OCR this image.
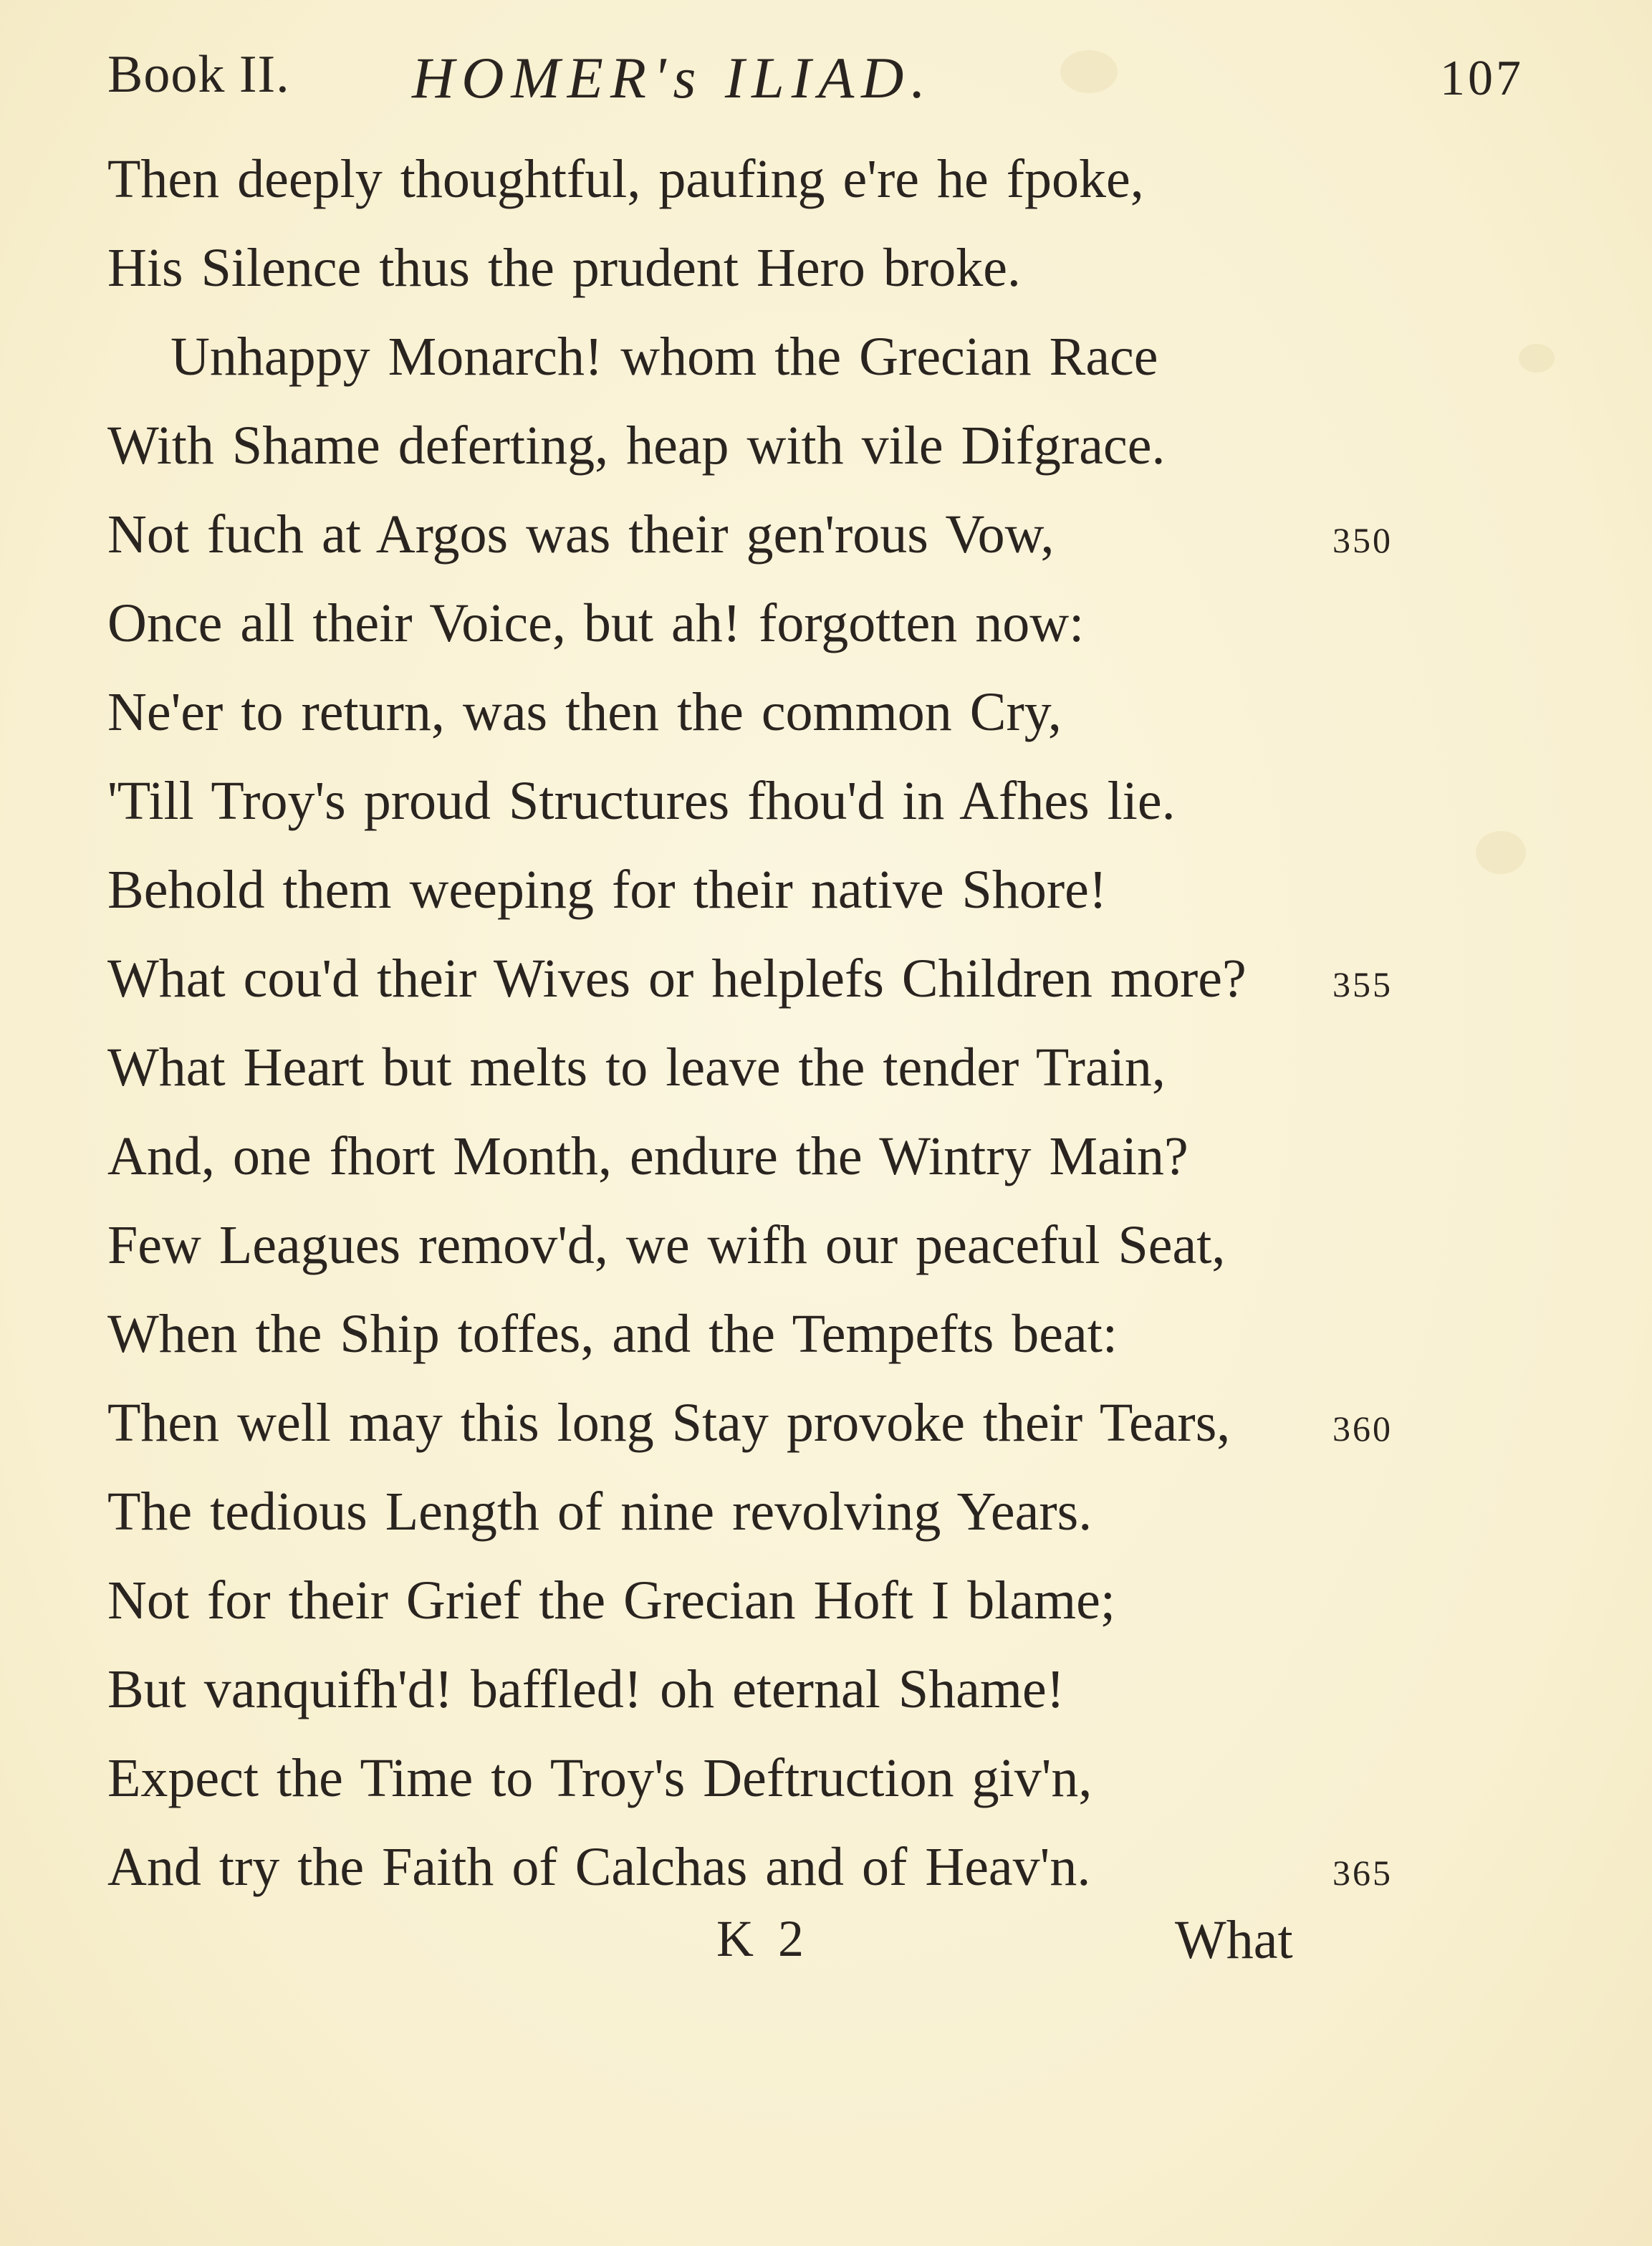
Book II. HOMER's ILIAD.	107
Then deeply thoughtful, paufing e're he fpoke,
His Silence thus the prudent Hero broke.
Unhappy Monarch! whom the Grecian Race
With Shame deferting, heap with vile Difgrace.
Not fuch at Argos was their gen'rous Vow,	350
Once all their Voice, but ah! forgotten now:
Ne'er to return, was then the common Cry,
'Till Troy's proud Structures fhou'd in Afhes lie.
Behold them weeping for their native Shore!
What cou'd their Wives or helplefs Children more? 355
What Heart but melts to leave the tender Train,
And, one fhort Month, endure the Wintry Main?
Few Leagues remov'd, we wifh our peaceful Seat,
When the Ship toffes, and the Tempefts beat:
Then well may this long Stay provoke their Tears,	360
The tedious Length of nine revolving Years.
Not for their Grief the Grecian Hoft I blame;
But vanquifh'd! baffled! oh eternal Shame!
Expect the Time to Troy's Deftruction giv'n,
And try the Faith of Calchas and of Heav'n.	365
K 2	What
